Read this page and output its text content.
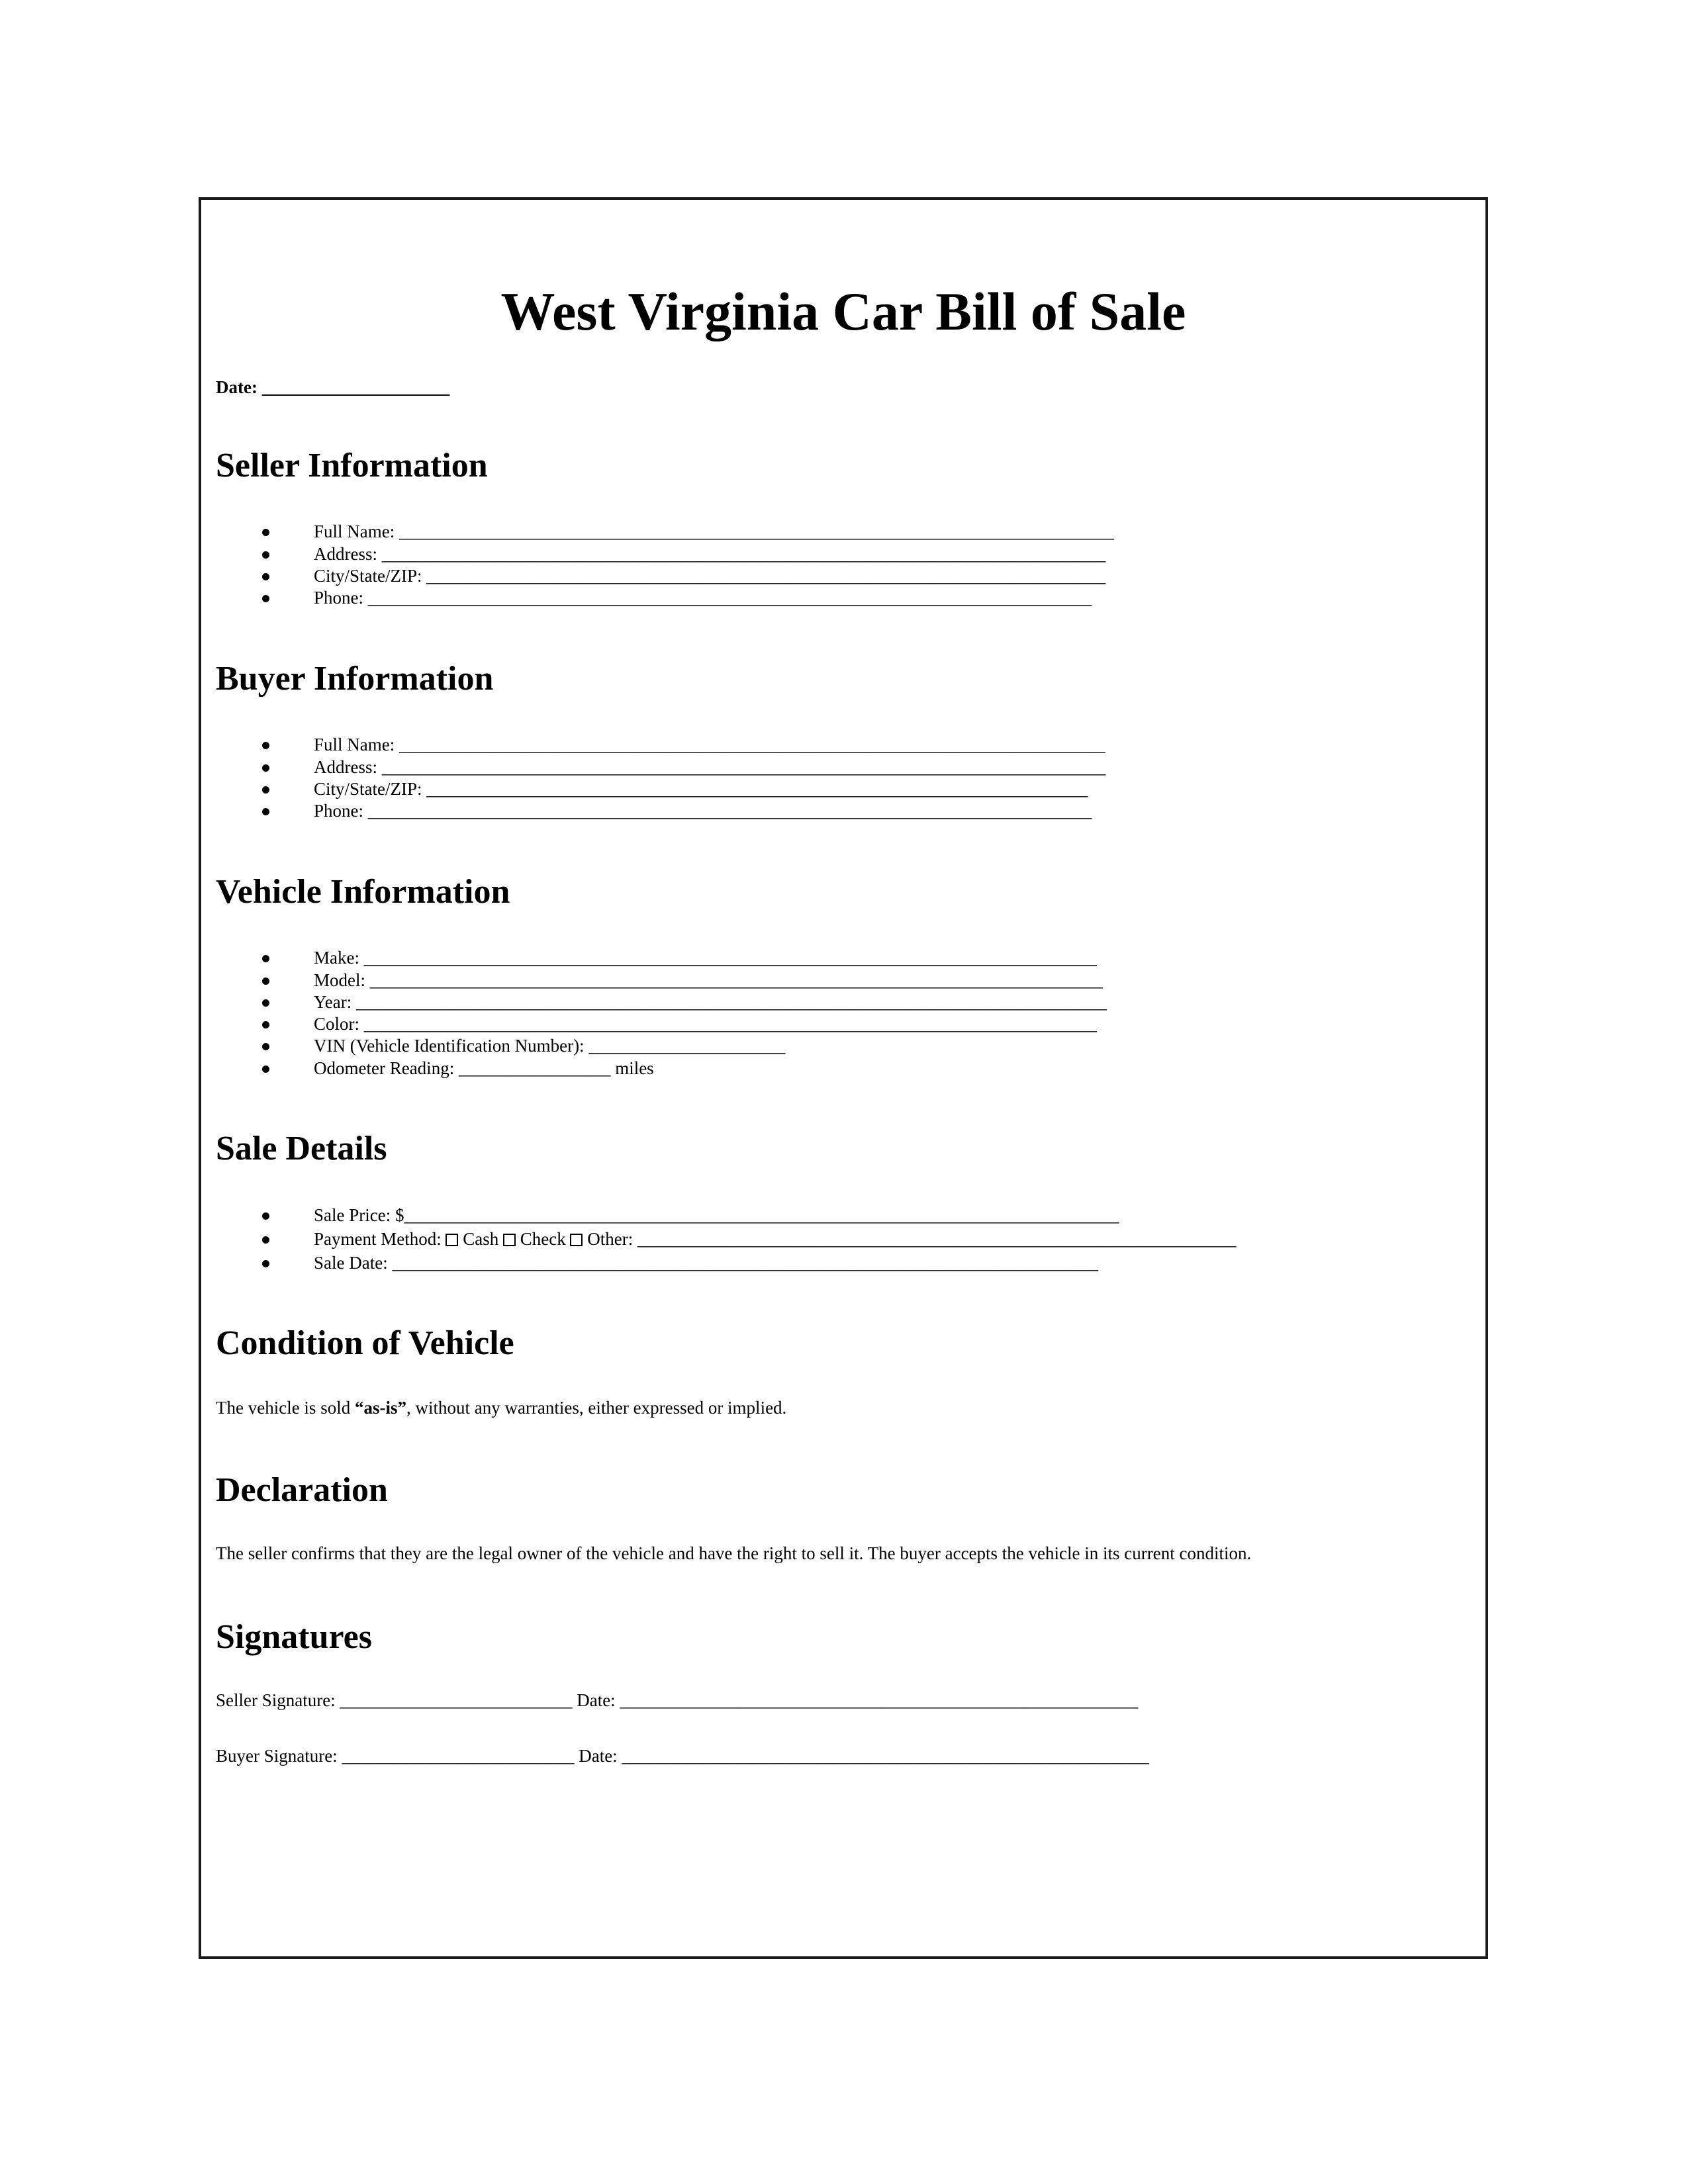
West Virginia Car Bill of Sale
Date: _____________________
Seller Information

Full Name: ________________________________________________________________________________

Address: _________________________________________________________________________________

City/State/ZIP: ____________________________________________________________________________

Phone: _________________________________________________________________________________

Buyer Information

Full Name: _______________________________________________________________________________

Address: _________________________________________________________________________________

City/State/ZIP: __________________________________________________________________________

Phone: _________________________________________________________________________________

Vehicle Information

Make: __________________________________________________________________________________

Model: __________________________________________________________________________________

Year: ____________________________________________________________________________________

Color: __________________________________________________________________________________

VIN (Vehicle Identification Number): ______________________

Odometer Reading: _________________ miles

Sale Details

Sale Price: $________________________________________________________________________________

Payment Method:  Cash  Check  Other: ___________________________________________________________________

Sale Date: _______________________________________________________________________________

Condition of Vehicle
The vehicle is sold “as-is”, without any warranties, either expressed or implied.
Declaration
The seller confirms that they are the legal owner of the vehicle and have the right to sell it. The buyer accepts the vehicle in its current condition.
Signatures
Seller Signature: __________________________ Date: __________________________________________________________
Buyer Signature: __________________________ Date: ___________________________________________________________
